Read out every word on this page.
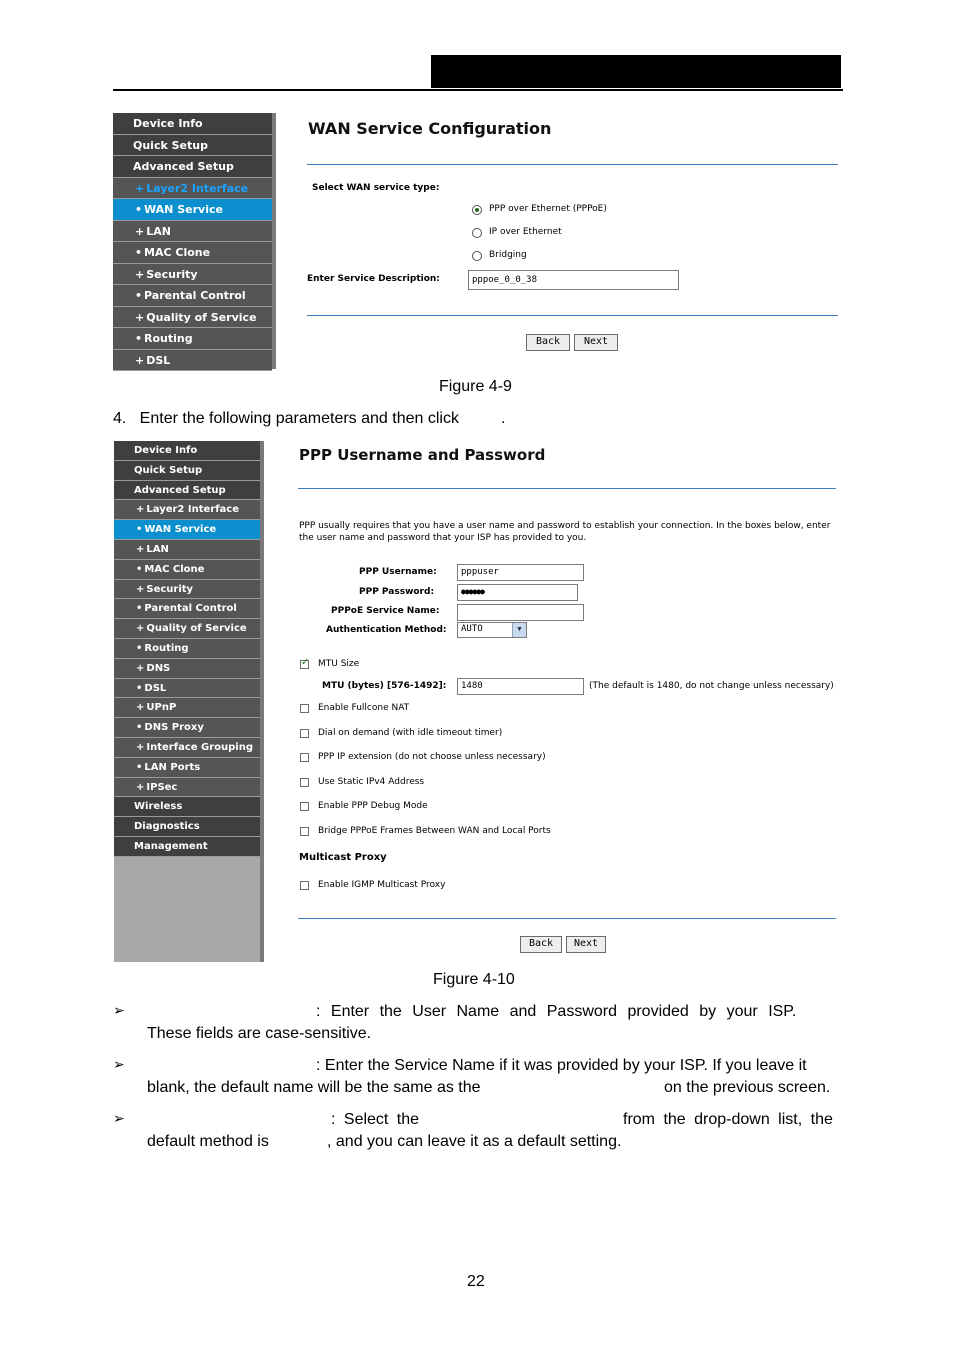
Device Info
Quick Setup
Advanced Setup
+ Layer2 Interface
• WAN Service
+ LAN
• MAC Clone
+ Security
• Parental Control
+ Quality of Service
• Routing
+ DSL
WAN Service Configuration
Select WAN service type:
PPP over Ethernet (PPPoE)
IP over Ethernet
Bridging
Enter Service Description:	pppoe_0_0_38
Back	Next
Figure 4-9
4.   Enter the following parameters and then click	.
Device Info
Quick Setup
Advanced Setup
+ Layer2 Interface
• WAN Service
+ LAN
• MAC Clone
+ Security
• Parental Control
+ Quality of Service
• Routing
+ DNS
• DSL
+ UPnP
• DNS Proxy
+ Interface Grouping
• LAN Ports
+ IPSec
Wireless
Diagnostics
Management
PPP Username and Password
PPP usually requires that you have a user name and password to establish your connection. In the boxes below, enter
the user name and password that your ISP has provided to you.
PPP Username:	pppuser
PPP Password:	●●●●●●
PPPoE Service Name:
Authentication Method:	AUTO	▼
✓
MTU Size
MTU (bytes) [576-1492]:	1480	(The default is 1480, do not change unless necessary)
Multicast Proxy
Enable IGMP Multicast Proxy
Back	Next
Enable Fullcone NAT
Dial on demand (with idle timeout timer)
PPP IP extension (do not choose unless necessary)
Use Static IPv4 Address
Enable PPP Debug Mode
Bridge PPPoE Frames Between WAN and Local Ports
Figure 4-10
➢	: Enter the User Name and Password provided by your ISP.
These fields are case-sensitive.
➢	: Enter the Service Name if it was provided by your ISP. If you leave it
blank, the default name will be the same as the	on the previous screen.
➢	: Select the	from the drop-down list, the
default method is	, and you can leave it as a default setting.
22
